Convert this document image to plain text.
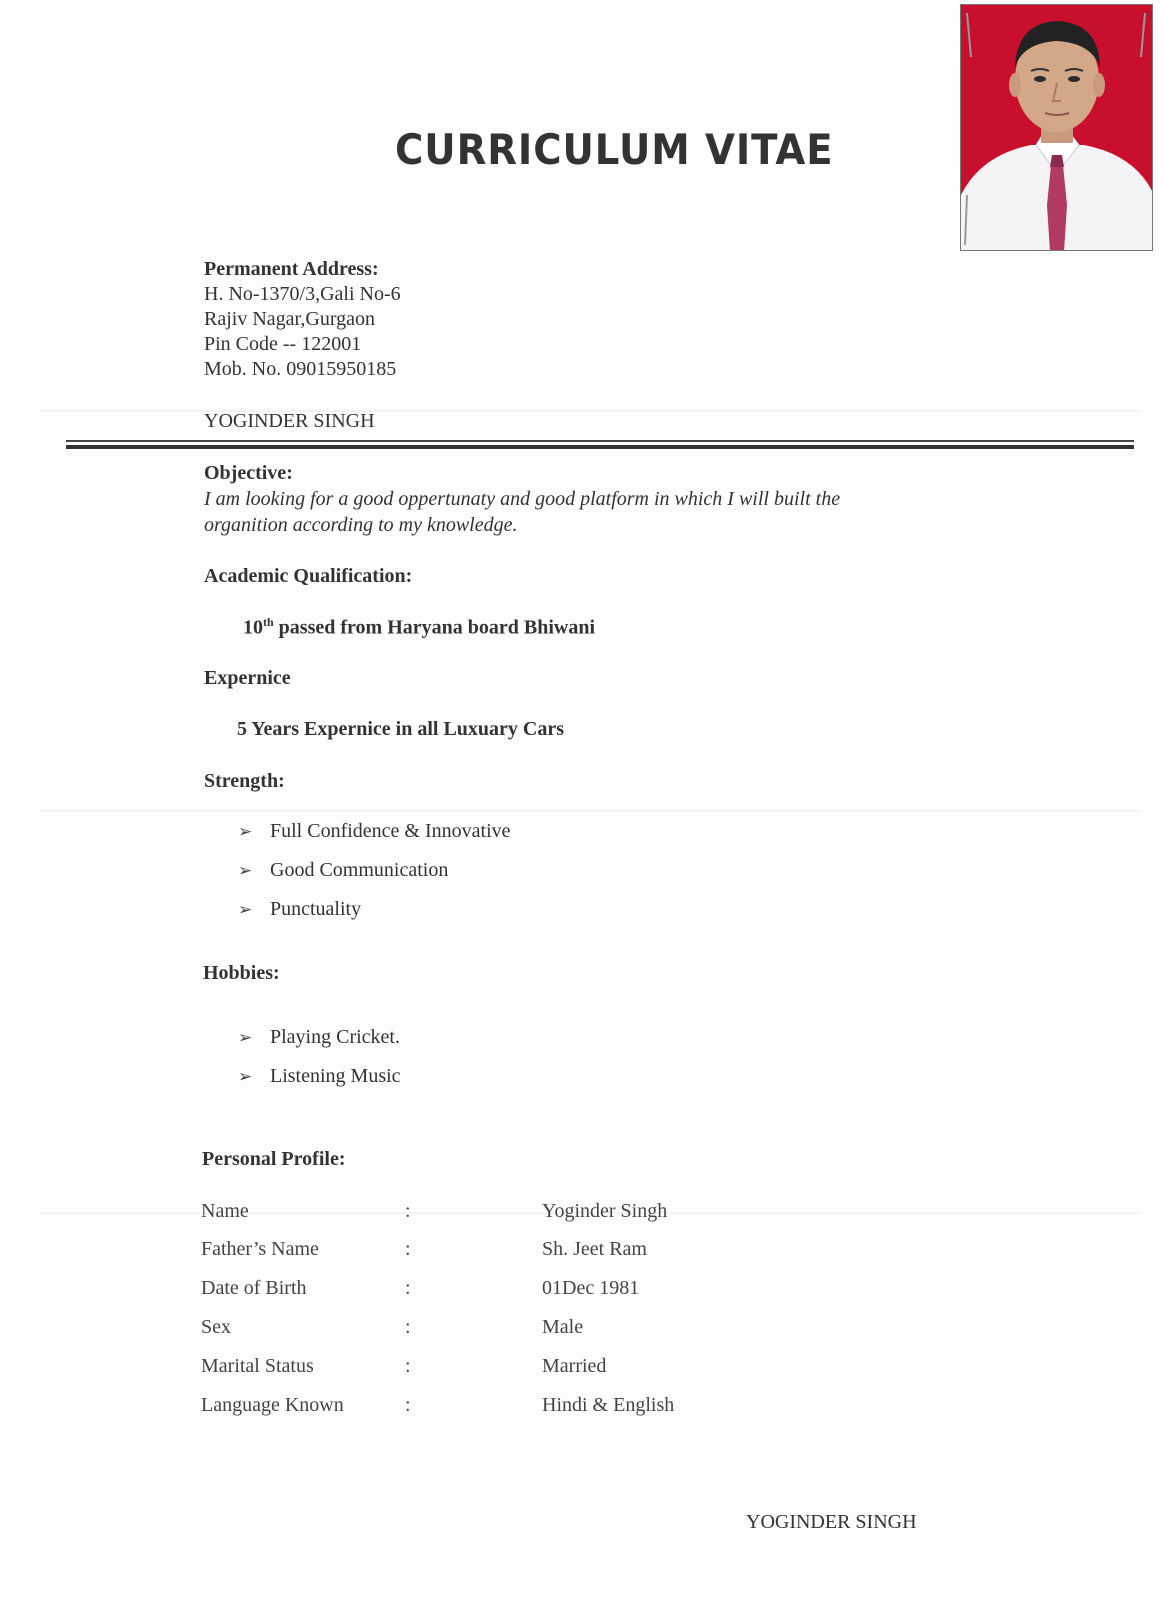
CURRICULUM VITAE
Permanent Address:
H. No-1370/3,Gali No-6
Rajiv Nagar,Gurgaon
Pin Code -- 122001
Mob. No. 09015950185
YOGINDER SINGH
Objective:
I am looking for a good oppertunaty and good platform in which I will built the
organition according to my knowledge.
Academic Qualification:
10th passed from Haryana board Bhiwani
Expernice
5 Years Expernice in all Luxuary Cars
Strength:
➢ Full Confidence & Innovative
➢ Good Communication
➢ Punctuality
Hobbies:
➢ Playing Cricket.
➢ Listening Music
Personal Profile:
Name	:	Yoginder Singh
Father’s Name	:	Sh. Jeet Ram
Date of Birth	:	01Dec 1981
Sex	:	Male
Marital Status	:	Married
Language Known	:	Hindi & English
YOGINDER SINGH
